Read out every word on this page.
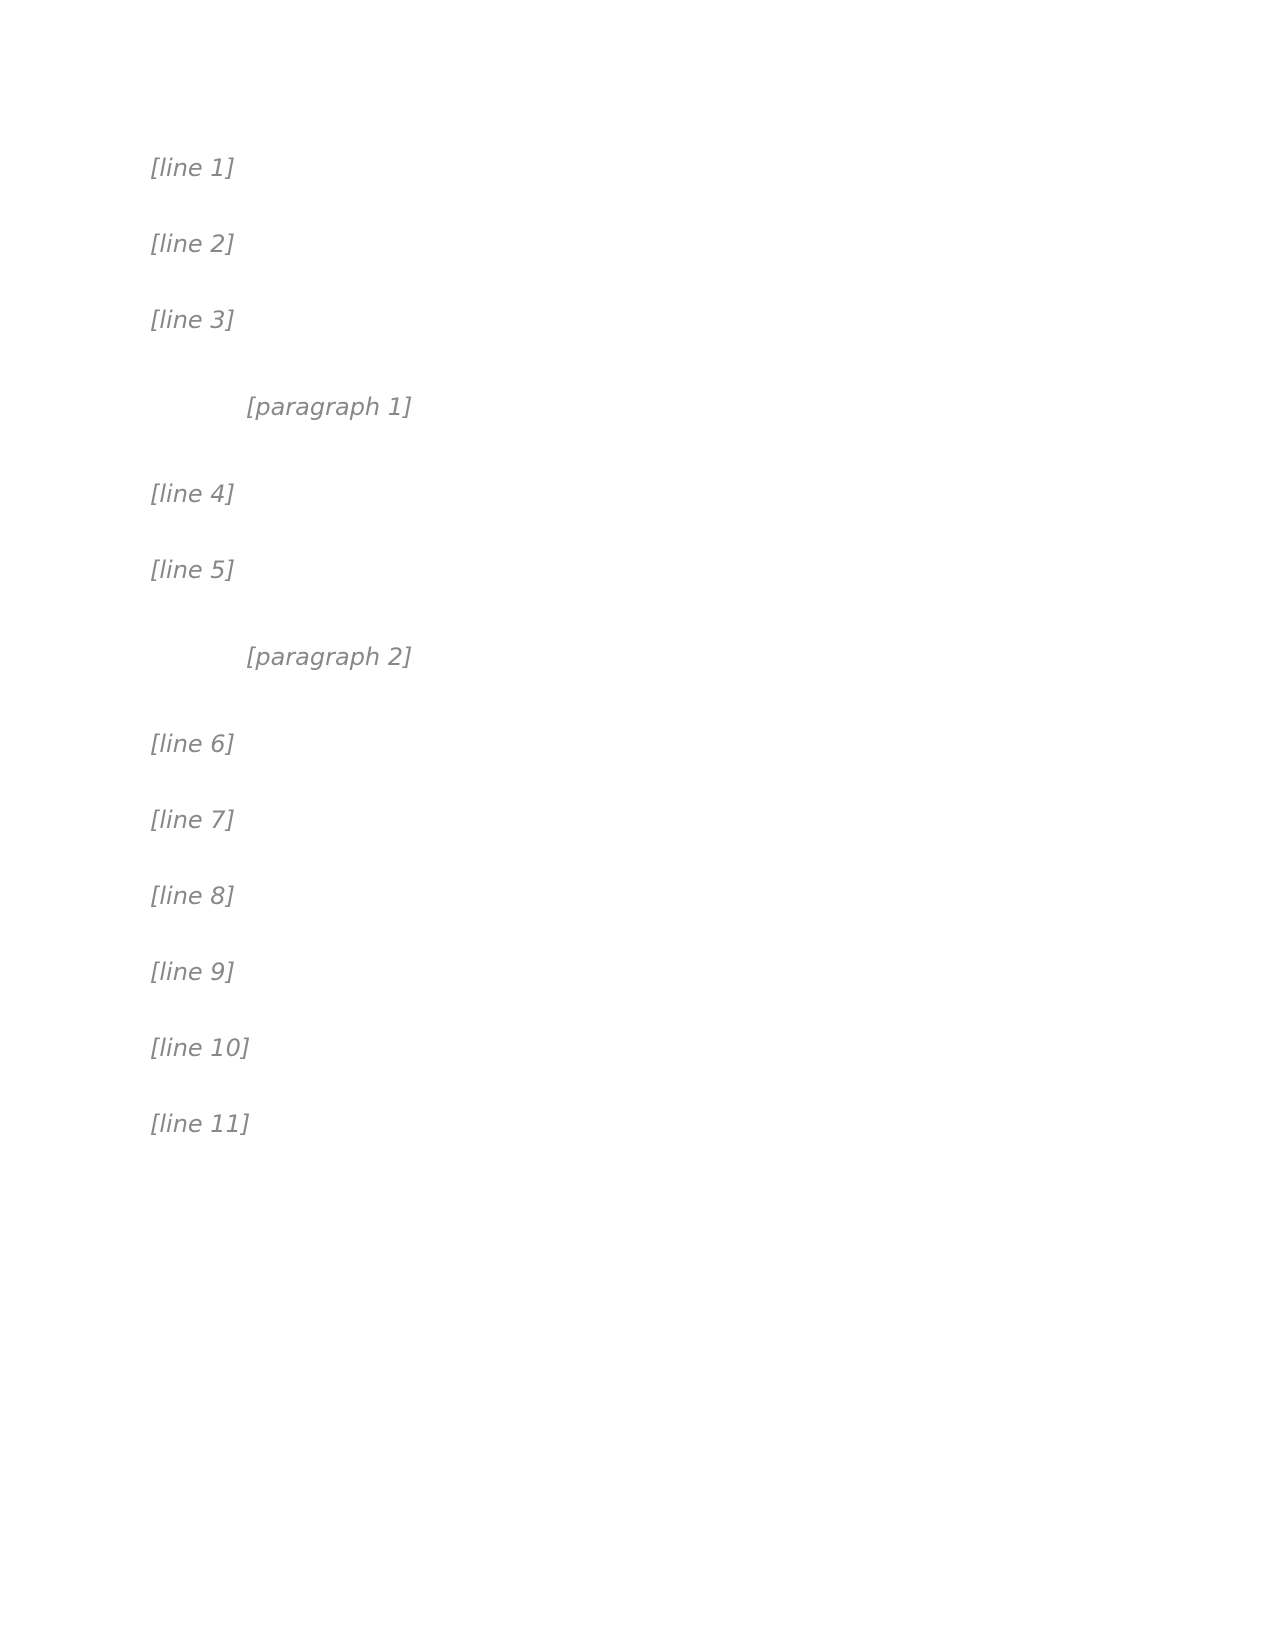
[line 1]

[line 2]

[line 3]

[paragraph 1]

[line 4]

[line 5]

[paragraph 2]

[line 6]

[line 7]

[line 8]

[line 9]

[line 10]

[line 11]
